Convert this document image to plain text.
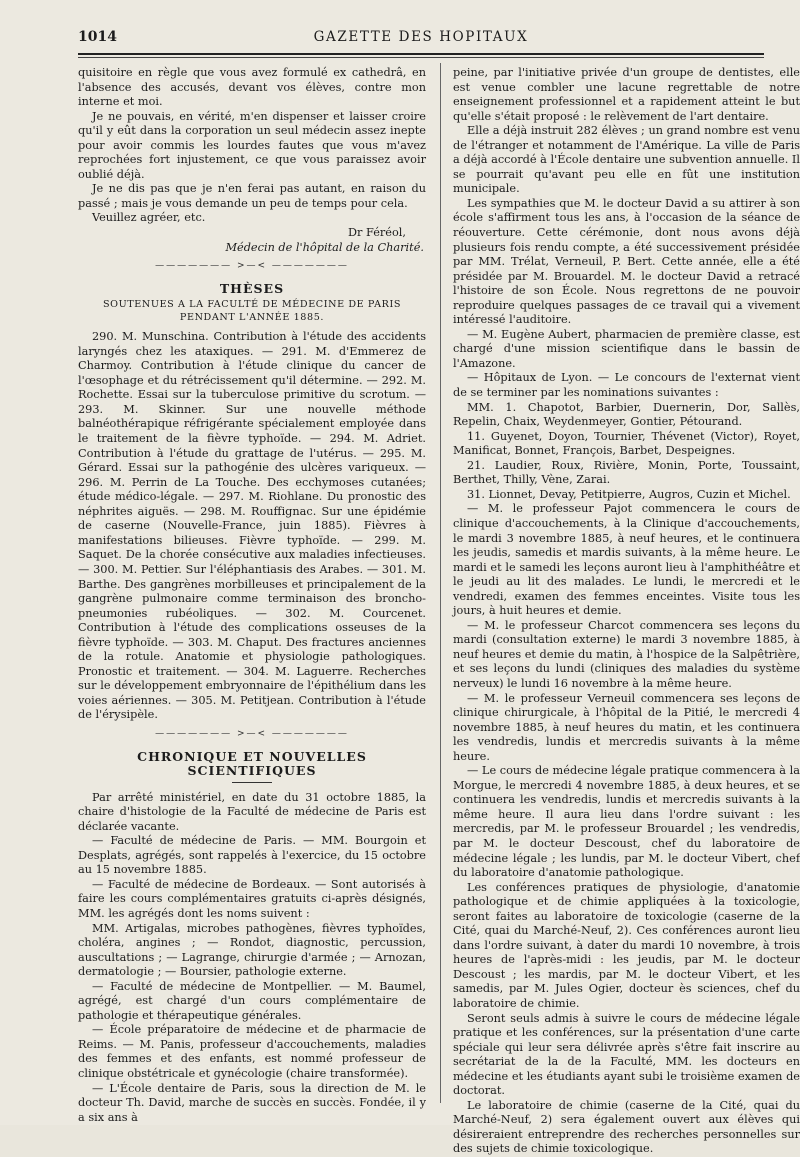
1014	GAZETTE DES HOPITAUX

quisitoire en règle que vous avez formulé ex cathedrâ, en l'absence des accusés, devant vos élèves, contre mon interne et moi.

Je ne pouvais, en vérité, m'en dispenser et laisser croire qu'il y eût dans la corporation un seul médecin assez inepte pour avoir commis les lourdes fautes que vous m'avez reprochées fort injustement, ce que vous paraissez avoir oublié déjà.

Je ne dis pas que je n'en ferai pas autant, en raison du passé ; mais je vous demande un peu de temps pour cela.

Veuillez agréer, etc.

Dr Féréol,

Médecin de l'hôpital de la Charité.

——————— >—< ———————
THÈSES
SOUTENUES A LA FACULTÉ DE MÉDECINE DE PARIS
PENDANT L'ANNÉE 1885.

290. M. Munschina. Contribution à l'étude des accidents laryngés chez les ataxiques. — 291. M. d'Emmerez de Charmoy. Contribution à l'étude clinique du cancer de l'œsophage et du rétrécissement qu'il détermine. — 292. M. Rochette. Essai sur la tuberculose primitive du scrotum. — 293. M. Skinner. Sur une nouvelle méthode balnéothérapique réfrigérante spécialement employée dans le traitement de la fièvre typhoïde. — 294. M. Adriet. Contribution à l'étude du grattage de l'utérus. — 295. M. Gérard. Essai sur la pathogénie des ulcères variqueux. — 296. M. Perrin de La Touche. Des ecchymoses cutanées; étude médico-légale. — 297. M. Riohlane. Du pronostic des néphrites aiguës. — 298. M. Rouffignac. Sur une épidémie de caserne (Nouvelle-France, juin 1885). Fièvres à manifestations bilieuses. Fièvre typhoïde. — 299. M. Saquet. De la chorée consécutive aux maladies infectieuses. — 300. M. Pettier. Sur l'éléphantiasis des Arabes. — 301. M. Barthe. Des gangrènes morbilleuses et principalement de la gangrène pulmonaire comme terminaison des broncho-pneumonies rubéoliques. — 302. M. Courcenet. Contribution à l'étude des complications osseuses de la fièvre typhoïde. — 303. M. Chaput. Des fractures anciennes de la rotule. Anatomie et physiologie pathologiques. Pronostic et traitement. — 304. M. Laguerre. Recherches sur le développement embryonnaire de l'épithélium dans les voies aériennes. — 305. M. Petitjean. Contribution à l'étude de l'érysipèle.

——————— >—< ———————
CHRONIQUE ET NOUVELLES SCIENTIFIQUES

Par arrêté ministériel, en date du 31 octobre 1885, la chaire d'histologie de la Faculté de médecine de Paris est déclarée vacante.

— Faculté de médecine de Paris. — MM. Bourgoin et Desplats, agrégés, sont rappelés à l'exercice, du 15 octobre au 15 novembre 1885.

— Faculté de médecine de Bordeaux. — Sont autorisés à faire les cours complémentaires gratuits ci-après désignés, MM. les agrégés dont les noms suivent :

MM. Artigalas, microbes pathogènes, fièvres typhoïdes, choléra, angines ; — Rondot, diagnostic, percussion, auscultations ; — Lagrange, chirurgie d'armée ; — Arnozan, dermatologie ; — Boursier, pathologie externe.

— Faculté de médecine de Montpellier. — M. Baumel, agrégé, est chargé d'un cours complémentaire de pathologie et thérapeutique générales.

— École préparatoire de médecine et de pharmacie de Reims. — M. Panis, professeur d'accouchements, maladies des femmes et des enfants, est nommé professeur de clinique obstétricale et gynécologie (chaire transformée).

— L'École dentaire de Paris, sous la direction de M. le docteur Th. David, marche de succès en succès. Fondée, il y a six ans à

peine, par l'initiative privée d'un groupe de dentistes, elle est venue combler une lacune regrettable de notre enseignement professionnel et a rapidement atteint le but qu'elle s'était proposé : le relèvement de l'art dentaire.

Elle a déjà instruit 282 élèves ; un grand nombre est venu de l'étranger et notamment de l'Amérique. La ville de Paris a déjà accordé à l'École dentaire une subvention annuelle. Il se pourrait qu'avant peu elle en fût une institution municipale.

Les sympathies que M. le docteur David a su attirer à son école s'affirment tous les ans, à l'occasion de la séance de réouverture. Cette cérémonie, dont nous avons déjà plusieurs fois rendu compte, a été successivement présidée par MM. Trélat, Verneuil, P. Bert. Cette année, elle a été présidée par M. Brouardel. M. le docteur David a retracé l'histoire de son École. Nous regrettons de ne pouvoir reproduire quelques passages de ce travail qui a vivement intéressé l'auditoire.

— M. Eugène Aubert, pharmacien de première classe, est chargé d'une mission scientifique dans le bassin de l'Amazone.

— Hôpitaux de Lyon. — Le concours de l'externat vient de se terminer par les nominations suivantes :

MM. 1. Chapotot, Barbier, Duernerin, Dor, Sallès, Repelin, Chaix, Weydenmeyer, Gontier, Pétourand.

11. Guyenet, Doyon, Tournier, Thévenet (Victor), Royet, Manificat, Bonnet, François, Barbet, Despeignes.

21. Laudier, Roux, Rivière, Monin, Porte, Toussaint, Berthet, Thilly, Vène, Zarai.

31. Lionnet, Devay, Petitpierre, Augros, Cuzin et Michel.

— M. le professeur Pajot commencera le cours de clinique d'accouchements, à la Clinique d'accouchements, le mardi 3 novembre 1885, à neuf heures, et le continuera les jeudis, samedis et mardis suivants, à la même heure. Le mardi et le samedi les leçons auront lieu à l'amphithéâtre et le jeudi au lit des malades. Le lundi, le mercredi et le vendredi, examen des femmes enceintes. Visite tous les jours, à huit heures et demie.

— M. le professeur Charcot commencera ses leçons du mardi (consultation externe) le mardi 3 novembre 1885, à neuf heures et demie du matin, à l'hospice de la Salpêtrière, et ses leçons du lundi (cliniques des maladies du système nerveux) le lundi 16 novembre à la même heure.

— M. le professeur Verneuil commencera ses leçons de clinique chirurgicale, à l'hôpital de la Pitié, le mercredi 4 novembre 1885, à neuf heures du matin, et les continuera les vendredis, lundis et mercredis suivants à la même heure.

— Le cours de médecine légale pratique commencera à la Morgue, le mercredi 4 novembre 1885, à deux heures, et se continuera les vendredis, lundis et mercredis suivants à la même heure. Il aura lieu dans l'ordre suivant : les mercredis, par M. le professeur Brouardel ; les vendredis, par M. le docteur Descoust, chef du laboratoire de médecine légale ; les lundis, par M. le docteur Vibert, chef du laboratoire d'anatomie pathologique.

Les conférences pratiques de physiologie, d'anatomie pathologique et de chimie appliquées à la toxicologie, seront faites au laboratoire de toxicologie (caserne de la Cité, quai du Marché-Neuf, 2). Ces conférences auront lieu dans l'ordre suivant, à dater du mardi 10 novembre, à trois heures de l'après-midi : les jeudis, par M. le docteur Descoust ; les mardis, par M. le docteur Vibert, et les samedis, par M. Jules Ogier, docteur ès sciences, chef du laboratoire de chimie.

Seront seuls admis à suivre le cours de médecine légale pratique et les conférences, sur la présentation d'une carte spéciale qui leur sera délivrée après s'être fait inscrire au secrétariat de la de la Faculté, MM. les docteurs en médecine et les étudiants ayant subi le troisième examen de doctorat.

Le laboratoire de chimie (caserne de la Cité, quai du Marché-Neuf, 2) sera également ouvert aux élèves qui désireraient entreprendre des recherches personnelles sur des sujets de chimie toxicologique.
